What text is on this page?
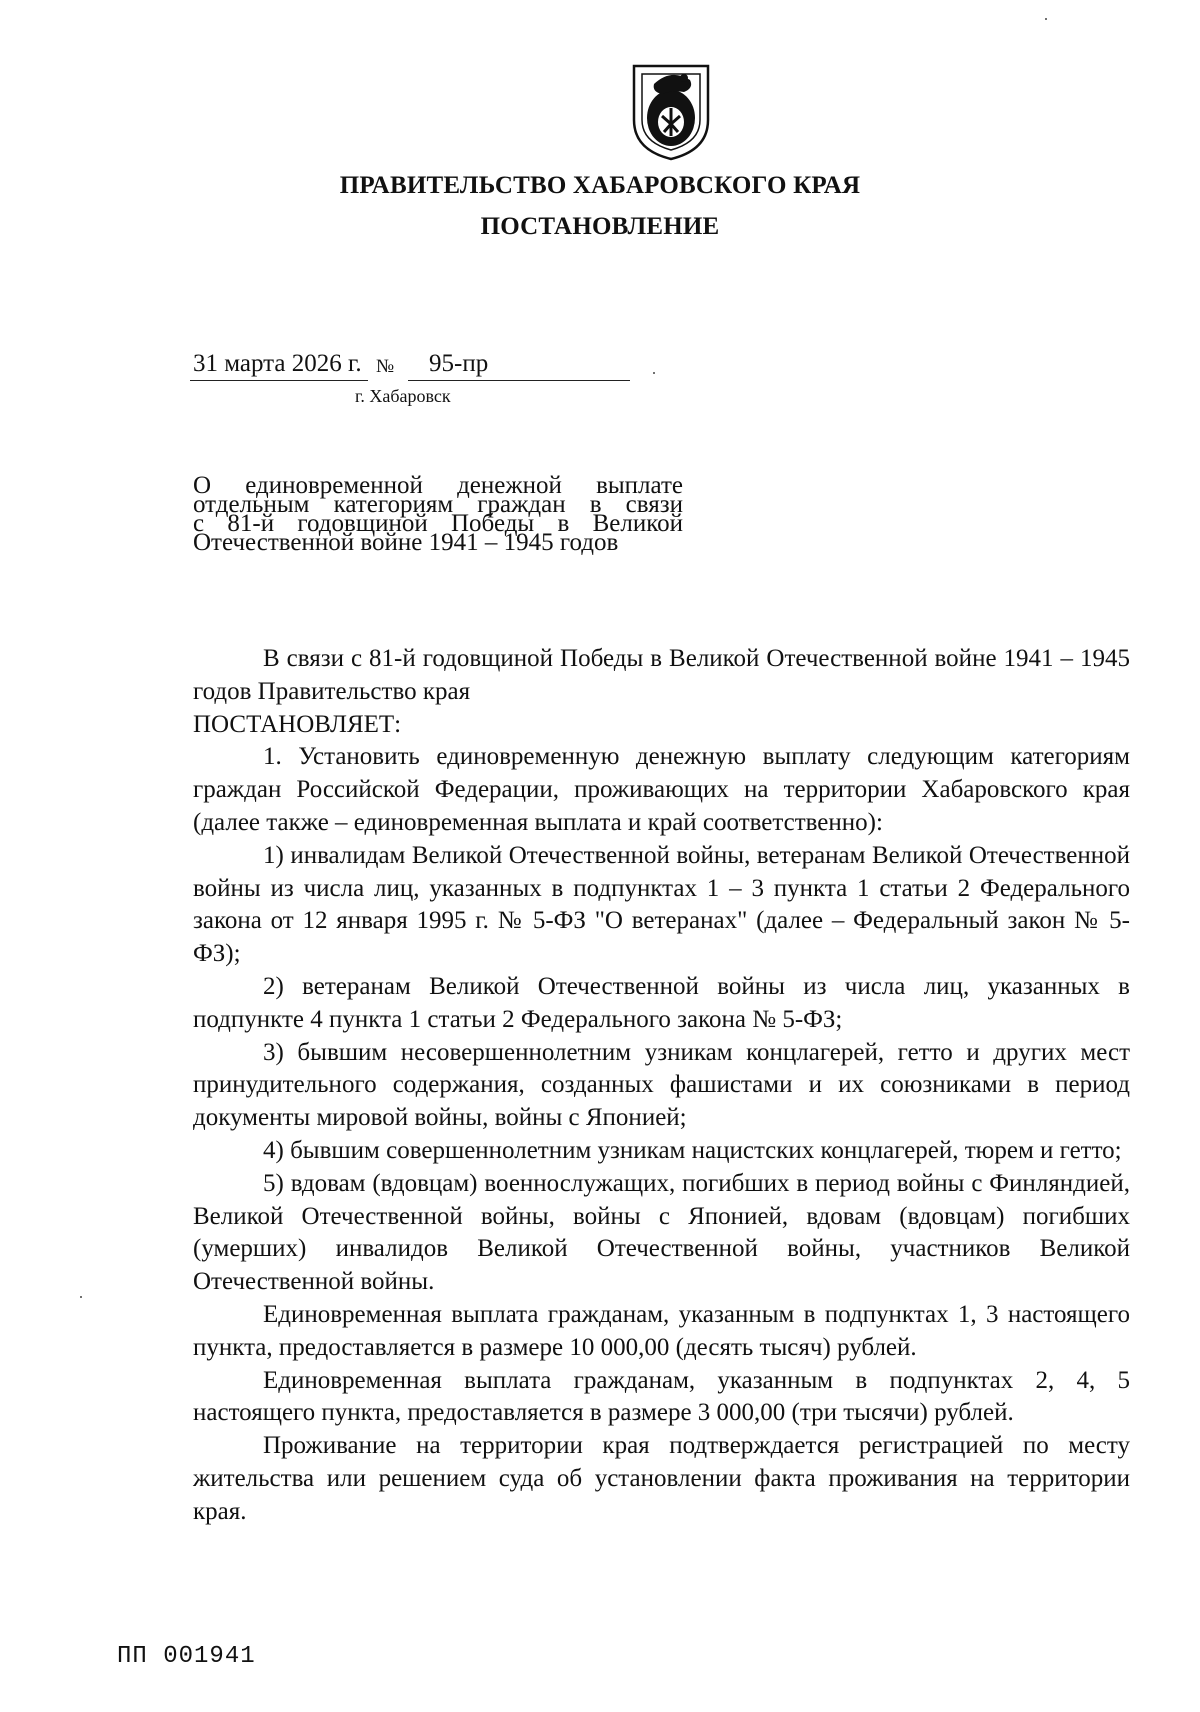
ПРАВИТЕЛЬСТВО ХАБАРОВСКОГО КРАЯ
ПОСТАНОВЛЕНИЕ
31 марта 2026 г. № 95-пр
г. Хабаровск
О единовременной денежной выплате
отдельным категориям граждан в связи
с 81-й годовщиной Победы в Великой
Отечественной войне 1941 – 1945 годов

В связи с 81-й годовщиной Победы в Великой Отечественной войне 1941 – 1945 годов Правительство края

ПОСТАНОВЛЯЕТ:

1. Установить единовременную денежную выплату следующим категориям граждан Российской Федерации, проживающих на территории Хабаровского края (далее также – единовременная выплата и край соответственно):

1) инвалидам Великой Отечественной войны, ветеранам Великой Отечественной войны из числа лиц, указанных в подпунктах 1 – 3 пункта 1 статьи 2 Федерального закона от 12 января 1995 г. № 5-ФЗ "О ветеранах" (далее – Федеральный закон № 5-ФЗ);

2) ветеранам Великой Отечественной войны из числа лиц, указанных в подпункте 4 пункта 1 статьи 2 Федерального закона № 5-ФЗ;

3) бывшим несовершеннолетним узникам концлагерей, гетто и других мест принудительного содержания, созданных фашистами и их союзниками в период документы мировой войны, войны с Японией;

4) бывшим совершеннолетним узникам нацистских концлагерей, тюрем и гетто;

5) вдовам (вдовцам) военнослужащих, погибших в период войны с Финляндией, Великой Отечественной войны, войны с Японией, вдовам (вдовцам) погибших (умерших) инвалидов Великой Отечественной войны, участников Великой Отечественной войны.

Единовременная выплата гражданам, указанным в подпунктах 1, 3 настоящего пункта, предоставляется в размере 10 000,00 (десять тысяч) рублей.

Единовременная выплата гражданам, указанным в подпунктах 2, 4, 5 настоящего пункта, предоставляется в размере 3 000,00 (три тысячи) рублей.

Проживание на территории края подтверждается регистрацией по месту жительства или решением суда об установлении факта проживания на территории края.

ПП 001941
